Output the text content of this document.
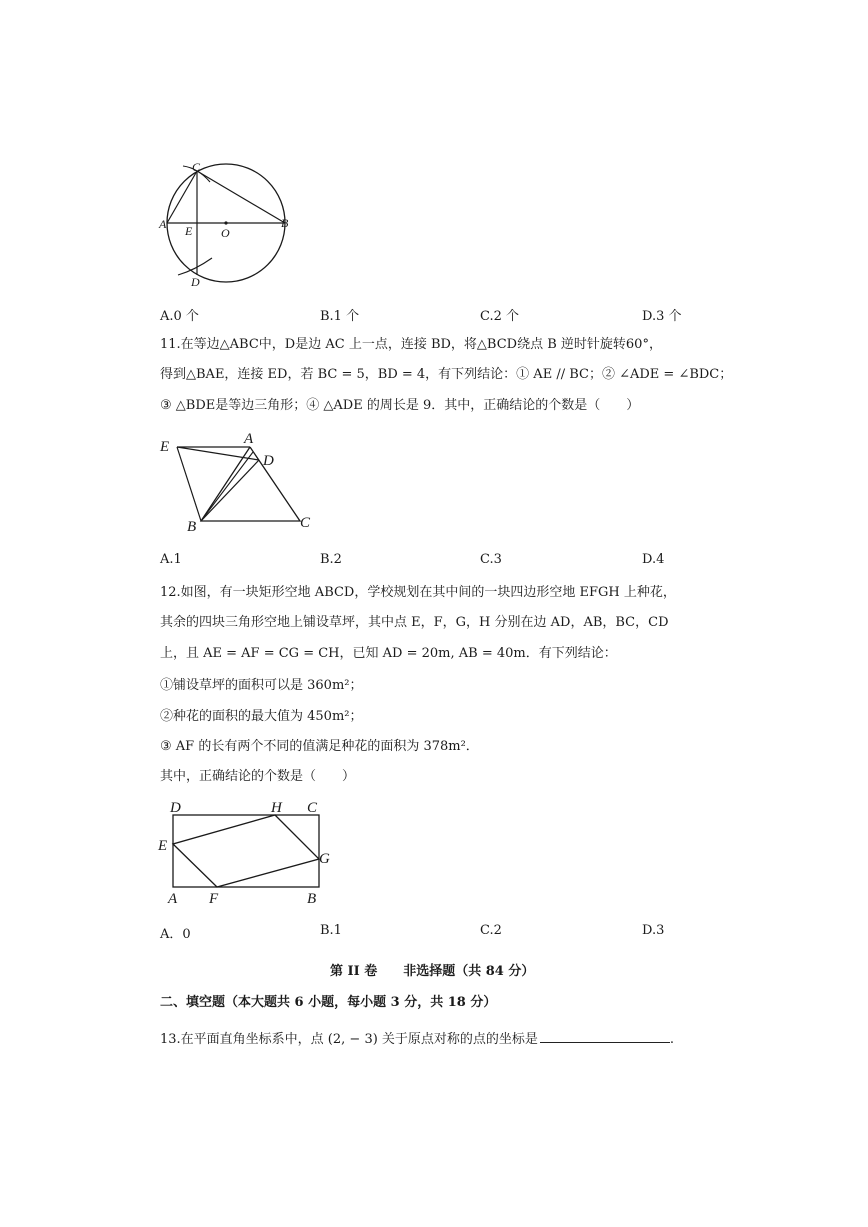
C
A E O
B
D
A.0 个	B.1 个	C.2 个	D.3 个
11.在等边△ABC中，D是边 AC 上一点，连接 BD，将△BCD绕点 B 逆时针旋转60°，
得到△BAE，连接 ED，若 BC = 5，BD = 4，有下列结论：① AE // BC；② ∠ADE = ∠BDC；
③ △BDE是等边三角形；④ △ADE 的周长是 9．其中，正确结论的个数是（　　）
E	A
D
B	C
A.1	B.2	C.3	D.4
12.如图，有一块矩形空地 ABCD，学校规划在其中间的一块四边形空地 EFGH 上种花，
其余的四块三角形空地上铺设草坪，其中点 E，F，G，H 分别在边 AD，AB，BC，CD
上，且 AE = AF = CG = CH，已知 AD = 20m, AB = 40m．有下列结论：
①铺设草坪的面积可以是 360m²；
②种花的面积的最大值为 450m²；
③ AF 的长有两个不同的值满足种花的面积为 378m²．
其中，正确结论的个数是（　　）
D	H C
E
G
A F	B
A．0	B.1	C.2	D.3
第 II 卷　　非选择题（共 84 分）
二、填空题（本大题共 6 小题，每小题 3 分，共 18 分）
13.在平面直角坐标系中，点 (2, − 3) 关于原点对称的点的坐标是	.
